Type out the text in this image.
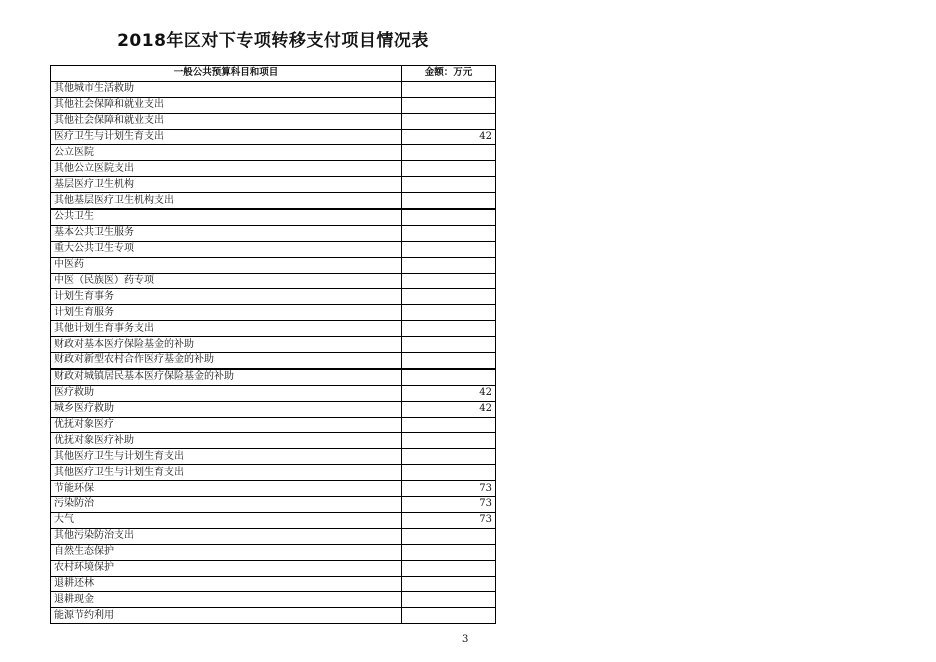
2018年区对下专项转移支付项目情况表
一般公共预算科目和项目	金额：万元
其他城市生活救助	
其他社会保障和就业支出	
其他社会保障和就业支出	
医疗卫生与计划生育支出	42
公立医院	
其他公立医院支出	
基层医疗卫生机构	
其他基层医疗卫生机构支出	
公共卫生	
基本公共卫生服务	
重大公共卫生专项	
中医药	
中医（民族医）药专项	
计划生育事务	
计划生育服务	
其他计划生育事务支出	
财政对基本医疗保险基金的补助	
财政对新型农村合作医疗基金的补助	
财政对城镇居民基本医疗保险基金的补助	
医疗救助	42
城乡医疗救助	42
优抚对象医疗	
优抚对象医疗补助	
其他医疗卫生与计划生育支出	
其他医疗卫生与计划生育支出	
节能环保	73
污染防治	73
大气	73
其他污染防治支出	
自然生态保护	
农村环境保护	
退耕还林	
退耕现金	
能源节约利用	
3
